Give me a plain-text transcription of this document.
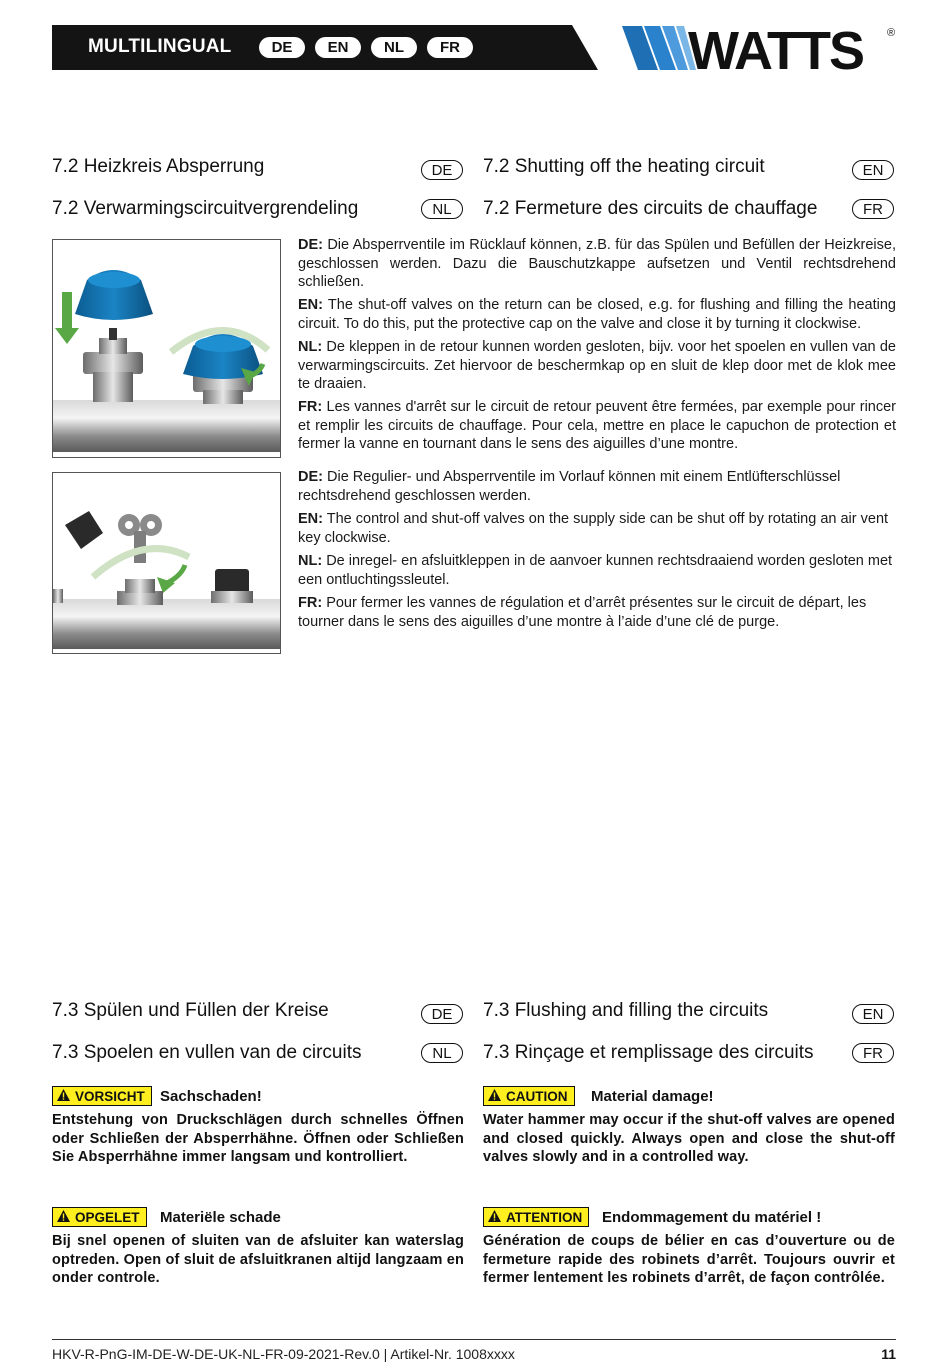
MULTILINGUAL	DE	EN	NL	FR	WATTS ®
7.2 Heizkreis Absperrung	DE	7.2 Shutting off the heating circuit	EN
7.2 Verwarmingscircuitvergrendeling	NL	7.2 Fermeture des circuits de chauffage	FR
DE: Die Absperrventile im Rücklauf können, z.B. für das Spülen und Befüllen der Heizkreise, geschlossen werden. Dazu die Bauschutzkappe aufsetzen und Ventil rechtsdrehend schließen.
EN: The shut-off valves on the return can be closed, e.g. for flushing and filling the heating circuit. To do this, put the protective cap on the valve and close it by turning it clockwise.
NL: De kleppen in de retour kunnen worden gesloten, bijv. voor het spoelen en vullen van de verwarmingscircuits. Zet hiervoor de beschermkap op en sluit de klep door met de klok mee te draaien.
FR: Les vannes d'arrêt sur le circuit de retour peuvent être fermées, par exemple pour rincer et remplir les circuits de chauffage. Pour cela, mettre en place le capuchon de protection et fermer la vanne en tournant dans le sens des aiguilles d’une montre.
DE: Die Regulier- und Absperrventile im Vorlauf können mit einem Entlüfterschlüssel rechtsdrehend geschlossen werden.
EN: The control and shut-off valves on the supply side can be shut off by rotating an air vent key clockwise.
NL: De inregel- en afsluitkleppen in de aanvoer kunnen rechtsdraaiend worden gesloten met een ontluchtingssleutel.
FR: Pour fermer les vannes de régulation et d’arrêt présentes sur le circuit de départ, les tourner dans le sens des aiguilles d’une montre à l’aide d’une clé de purge.
7.3 Spülen und Füllen der Kreise	DE	7.3 Flushing and filling the circuits	EN
7.3 Spoelen en vullen van de circuits	NL	7.3 Rinçage et remplissage des circuits	FR
VORSICHT Sachschaden!
Entstehung von Druckschlägen durch schnelles Öffnen oder Schließen der Absperrhähne. Öffnen oder Schließen Sie Absperrhähne immer langsam und kontrolliert.
CAUTION Material damage!
Water hammer may occur if the shut-off valves are opened and closed quickly. Always open and close the shut-off valves slowly and in a controlled way.
OPGELET Materiële schade
Bij snel openen of sluiten van de afsluiter kan waterslag optreden. Open of sluit de afsluitkranen altijd langzaam en onder controle.
ATTENTION Endommagement du matériel !
Génération de coups de bélier en cas d’ouverture ou de fermeture rapide des robinets d’arrêt. Toujours ouvrir et fermer lentement les robinets d’arrêt, de façon contrôlée.
HKV-R-PnG-IM-DE-W-DE-UK-NL-FR-09-2021-Rev.0 | Artikel-Nr. 1008xxxx	11
